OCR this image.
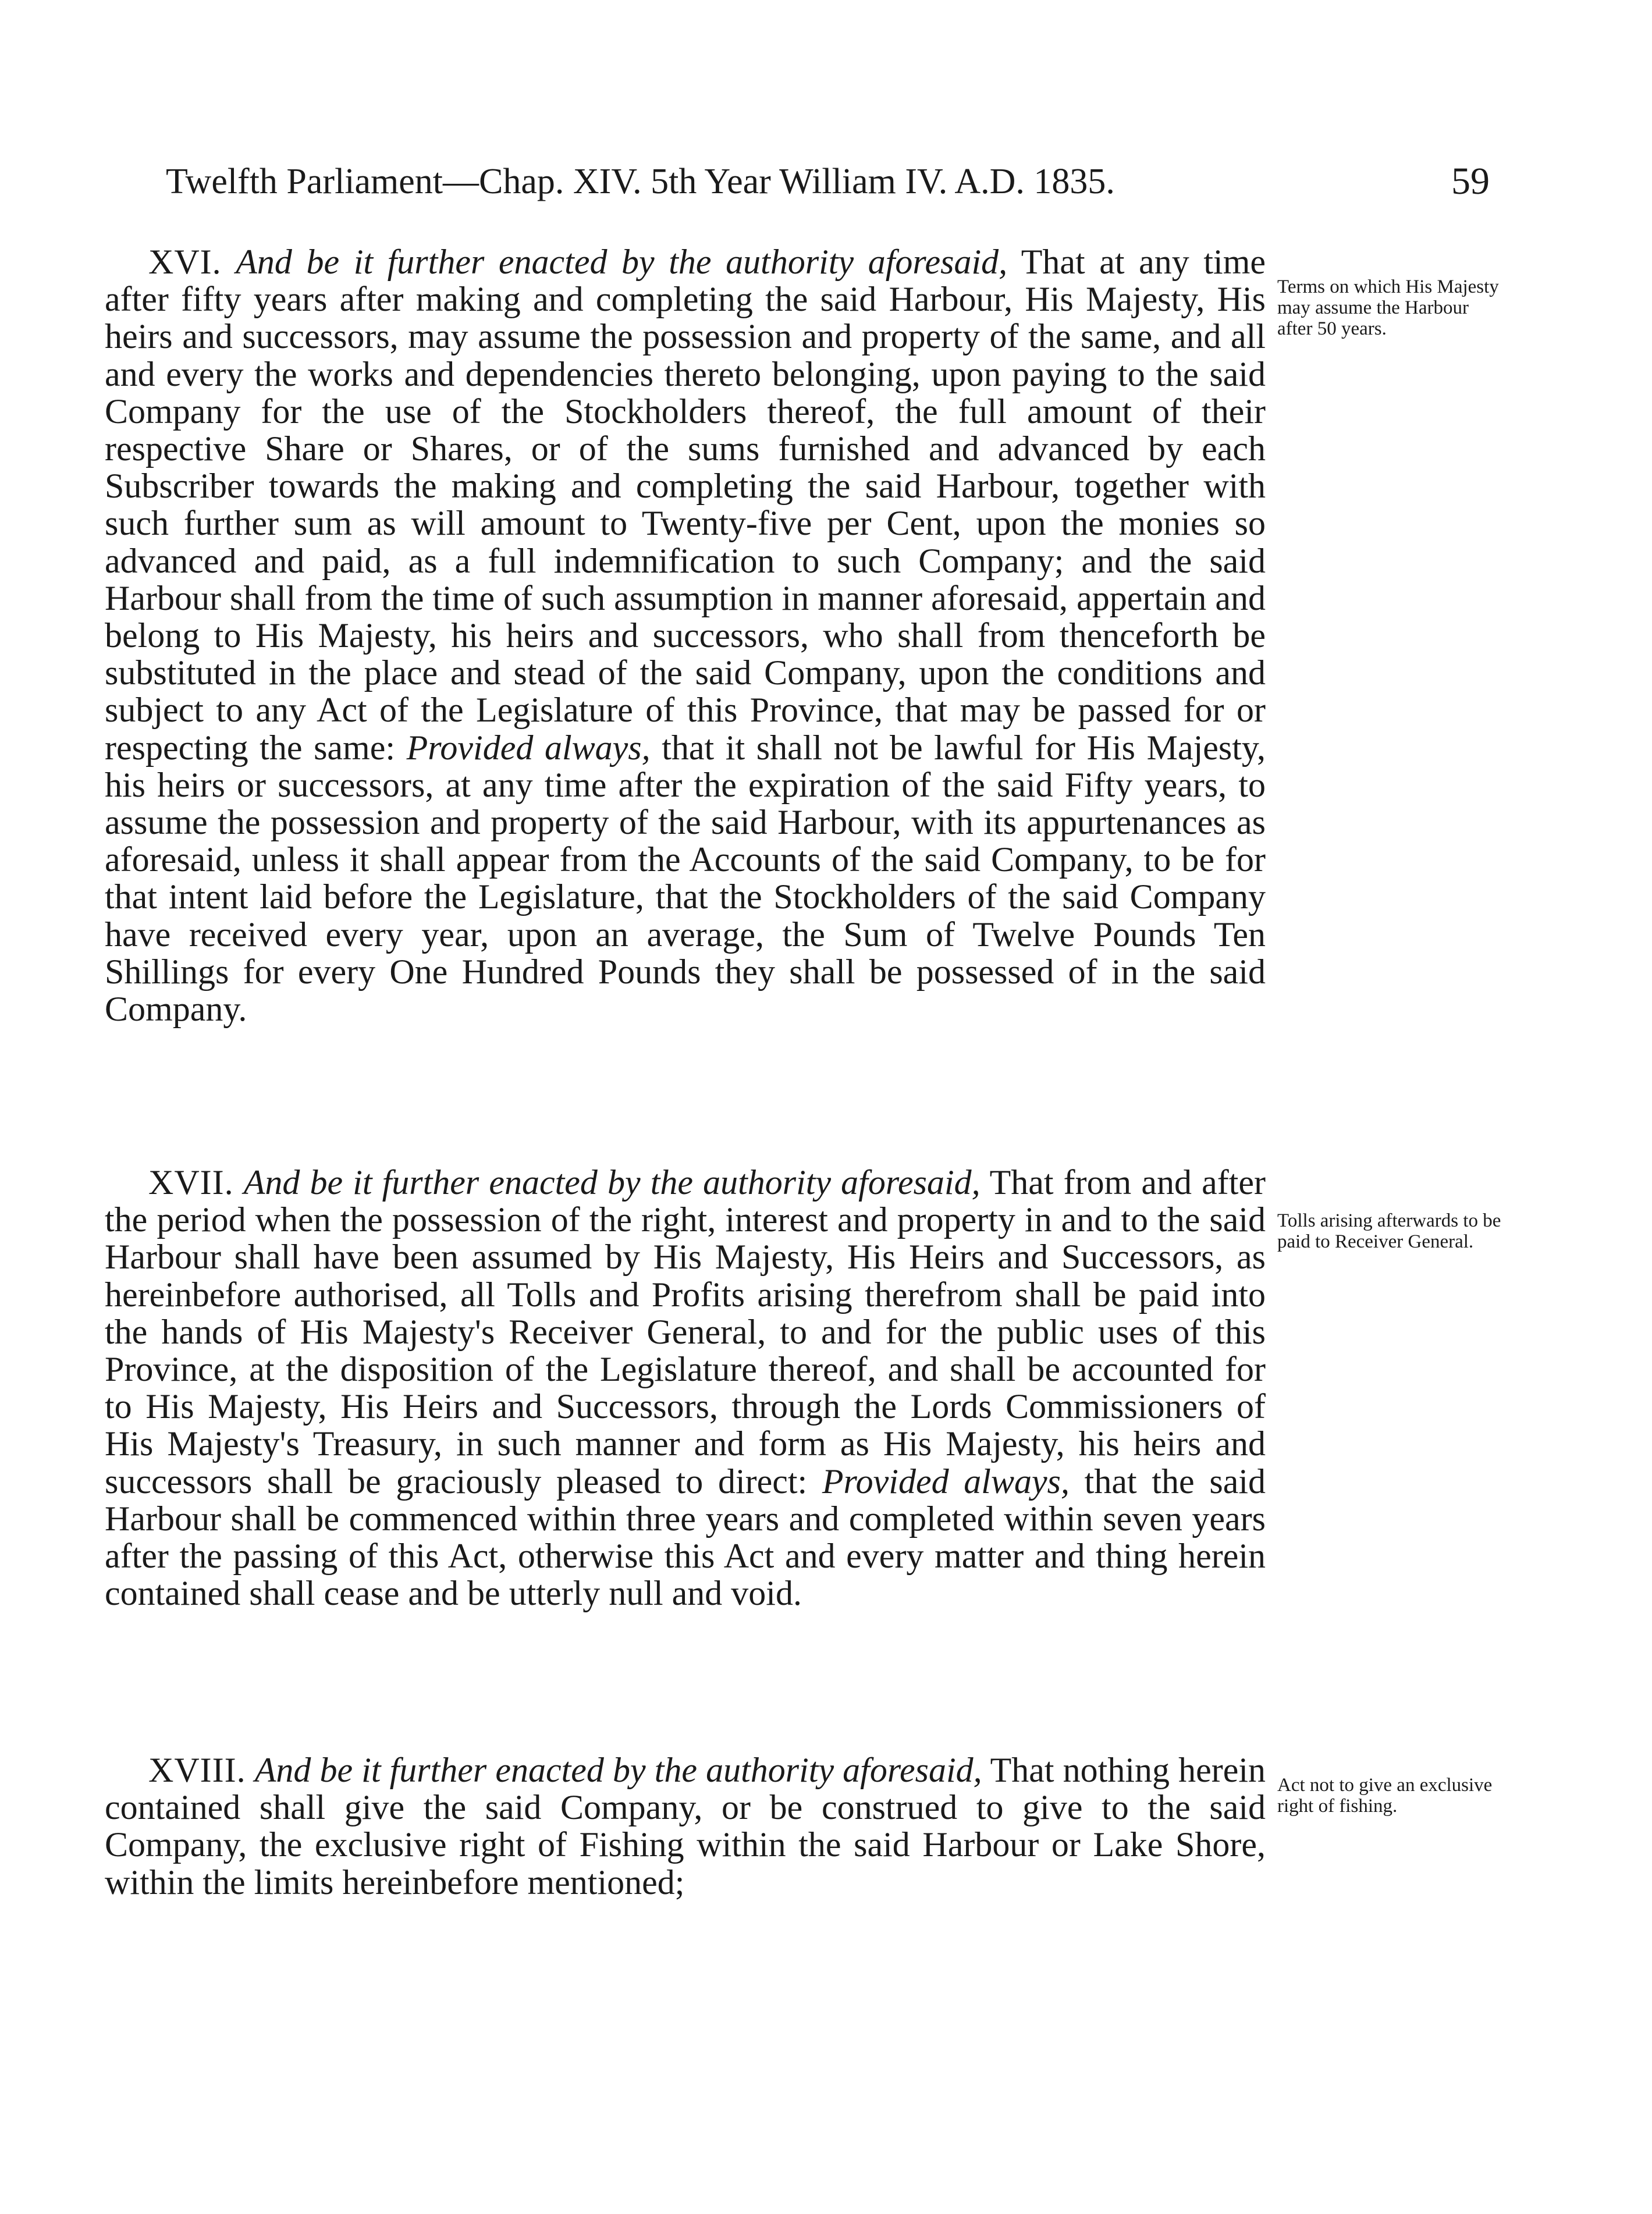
Twelfth Parliament—Chap. XIV. 5th Year William IV. A.D. 1835.	59

XVI. And be it further enacted by the authority aforesaid, That at any time after fifty years after making and completing the said Harbour, His Majesty, His heirs and successors, may assume the possession and property of the same, and all and every the works and dependencies thereto belonging, upon paying to the said Company for the use of the Stockholders thereof, the full amount of their respective Share or Shares, or of the sums furnished and advanced by each Subscriber towards the making and completing the said Harbour, together with such further sum as will amount to Twenty-five per Cent, upon the monies so advanced and paid, as a full indemnification to such Company; and the said Harbour shall from the time of such assumption in manner aforesaid, appertain and belong to His Majesty, his heirs and successors, who shall from thenceforth be substituted in the place and stead of the said Company, upon the conditions and subject to any Act of the Legislature of this Province, that may be passed for or respecting the same: Provided always, that it shall not be lawful for His Majesty, his heirs or successors, at any time after the expiration of the said Fifty years, to assume the possession and property of the said Harbour, with its appurtenances as aforesaid, unless it shall appear from the Accounts of the said Company, to be for that intent laid before the Legislature, that the Stockholders of the said Company have received every year, upon an average, the Sum of Twelve Pounds Ten Shillings for every One Hundred Pounds they shall be possessed of in the said Company.

Terms on which His Majesty may assume the Harbour after 50 years.

XVII. And be it further enacted by the authority aforesaid, That from and after the period when the possession of the right, interest and property in and to the said Harbour shall have been assumed by His Majesty, His Heirs and Successors, as hereinbefore authorised, all Tolls and Profits arising therefrom shall be paid into the hands of His Majesty's Receiver General, to and for the public uses of this Province, at the disposition of the Legislature thereof, and shall be accounted for to His Majesty, His Heirs and Successors, through the Lords Commissioners of His Majesty's Treasury, in such manner and form as His Majesty, his heirs and successors shall be graciously pleased to direct: Provided always, that the said Harbour shall be commenced within three years and completed within seven years after the passing of this Act, otherwise this Act and every matter and thing herein contained shall cease and be utterly null and void.

Tolls arising afterwards to be paid to Receiver General.

XVIII. And be it further enacted by the authority aforesaid, That nothing herein contained shall give the said Company, or be construed to give to the said Company, the exclusive right of Fishing within the said Harbour or Lake Shore, within the limits hereinbefore mentioned;

Act not to give an exclusive right of fishing.
